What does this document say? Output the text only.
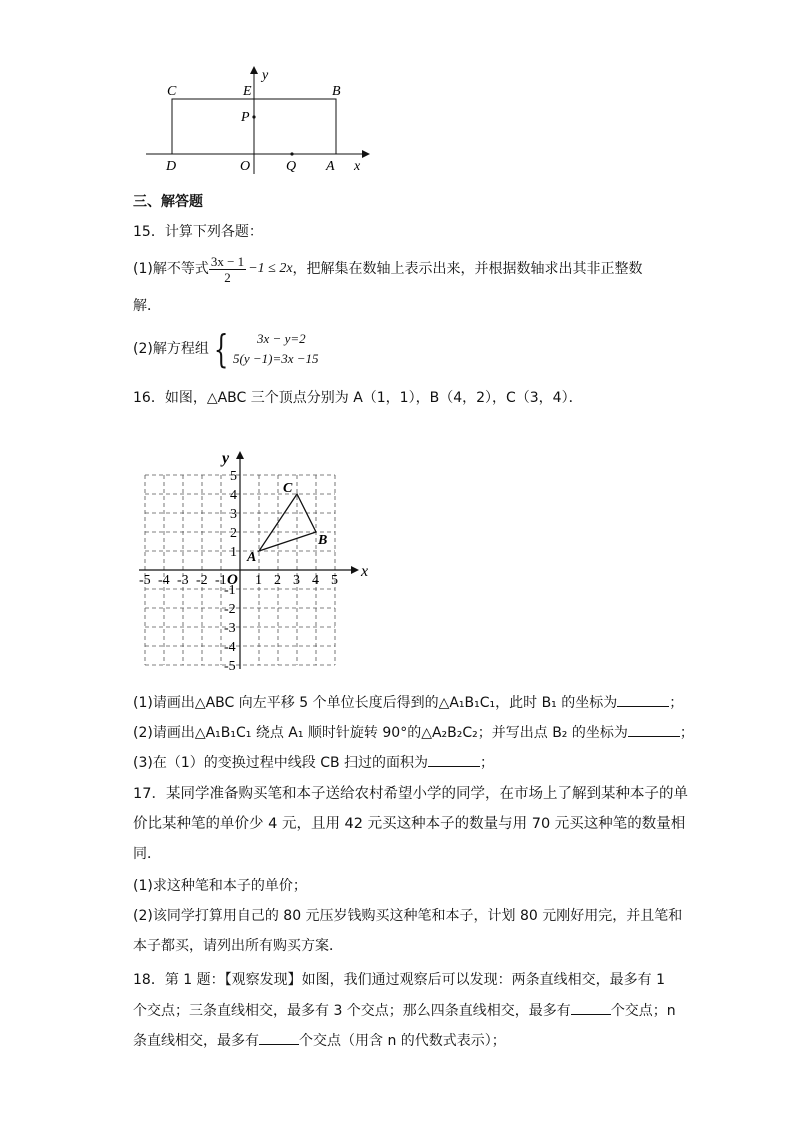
C	E	B
P
y
D	O	Q A x
三、解答题
15．计算下列各题：
(1)解不等式 $\frac{3x - 1}{2} -1 \le 2x$ ，把解集在数轴上表示出来，并根据数轴求出其非正整数
解．
(2)解方程组 {	3x − y=2
5(y −1)=3x −15
16．如图，△ABC 三个顶点分别为 A（1，1），B（4，2），C（3，4）．
-5 -4 -3 -2 -1 1 2 3 4 5
5
4
3
2
1
-1
-2
-3
-4
-5
O	x
y
A
B
C
(1)请画出△ABC 向左平移 5 个单位长度后得到的△A₁B₁C₁，此时 B₁ 的坐标为	；
(2)请画出△A₁B₁C₁ 绕点 A₁ 顺时针旋转 90°的△A₂B₂C₂；并写出点 B₂ 的坐标为	；
(3)在（1）的变换过程中线段 CB 扫过的面积为	；
17．某同学准备购买笔和本子送给农村希望小学的同学，在市场上了解到某种本子的单
价比某种笔的单价少 4 元，且用 42 元买这种本子的数量与用 70 元买这种笔的数量相
同．
(1)求这种笔和本子的单价；
(2)该同学打算用自己的 80 元压岁钱购买这种笔和本子，计划 80 元刚好用完，并且笔和
本子都买，请列出所有购买方案．
18．第 1 题：【观察发现】如图，我们通过观察后可以发现：两条直线相交，最多有 1
个交点；三条直线相交，最多有 3 个交点；那么四条直线相交，最多有	个交点；n
条直线相交，最多有	个交点（用含 n 的代数式表示）；
